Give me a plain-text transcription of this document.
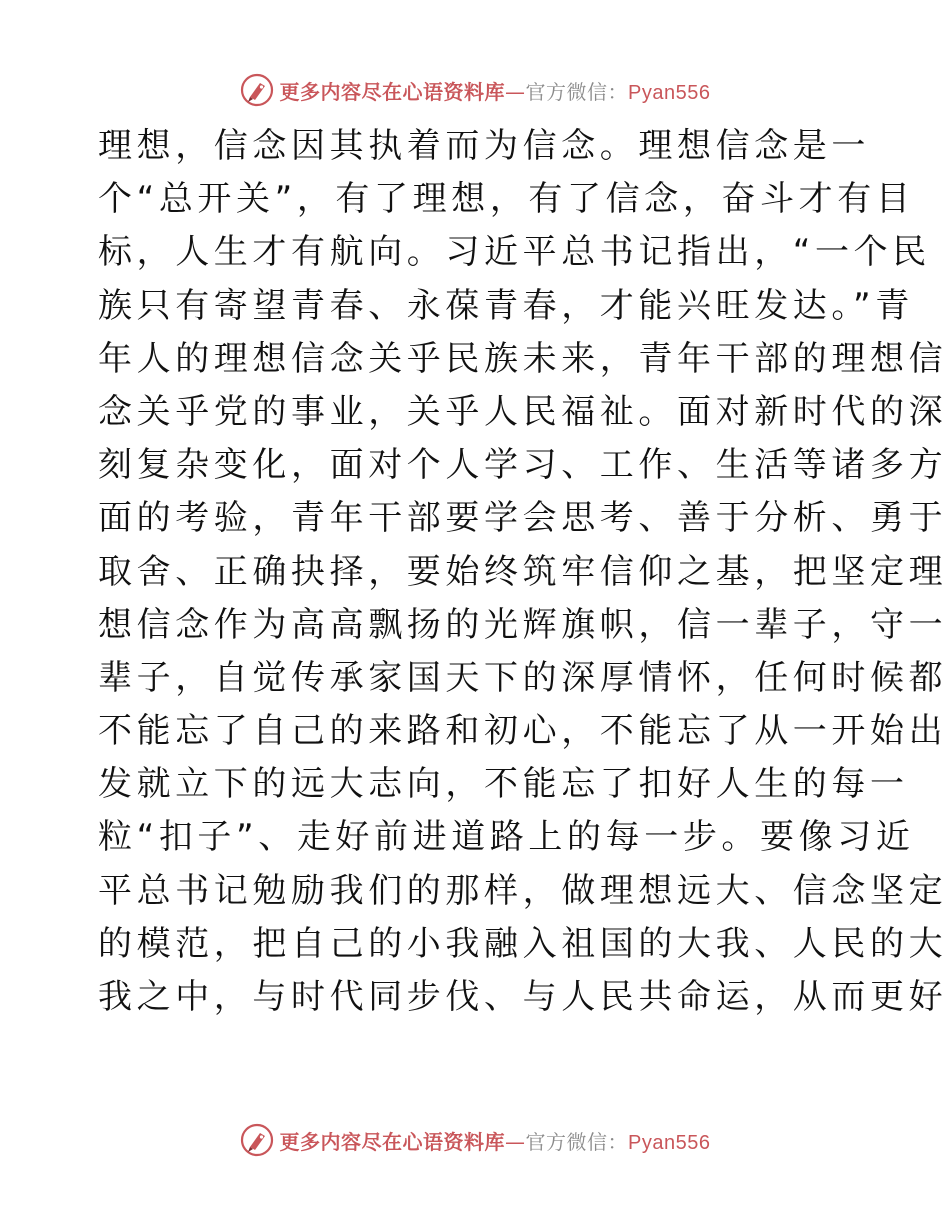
更多内容尽在心语资料库—官方微信：Pyan556
理想，信念因其执着而为信念。理想信念是一
个“总开关”，有了理想，有了信念，奋斗才有目
标，人生才有航向。习近平总书记指出，“一个民
族只有寄望青春、永葆青春，才能兴旺发达。”青
年人的理想信念关乎民族未来，青年干部的理想信
念关乎党的事业，关乎人民福祉。面对新时代的深
刻复杂变化，面对个人学习、工作、生活等诸多方
面的考验，青年干部要学会思考、善于分析、勇于
取舍、正确抉择，要始终筑牢信仰之基，把坚定理
想信念作为高高飘扬的光辉旗帜，信一辈子，守一
辈子，自觉传承家国天下的深厚情怀，任何时候都
不能忘了自己的来路和初心，不能忘了从一开始出
发就立下的远大志向，不能忘了扣好人生的每一
粒“扣子”、走好前进道路上的每一步。要像习近
平总书记勉励我们的那样，做理想远大、信念坚定
的模范，把自己的小我融入祖国的大我、人民的大
我之中，与时代同步伐、与人民共命运，从而更好
更多内容尽在心语资料库—官方微信：Pyan556
